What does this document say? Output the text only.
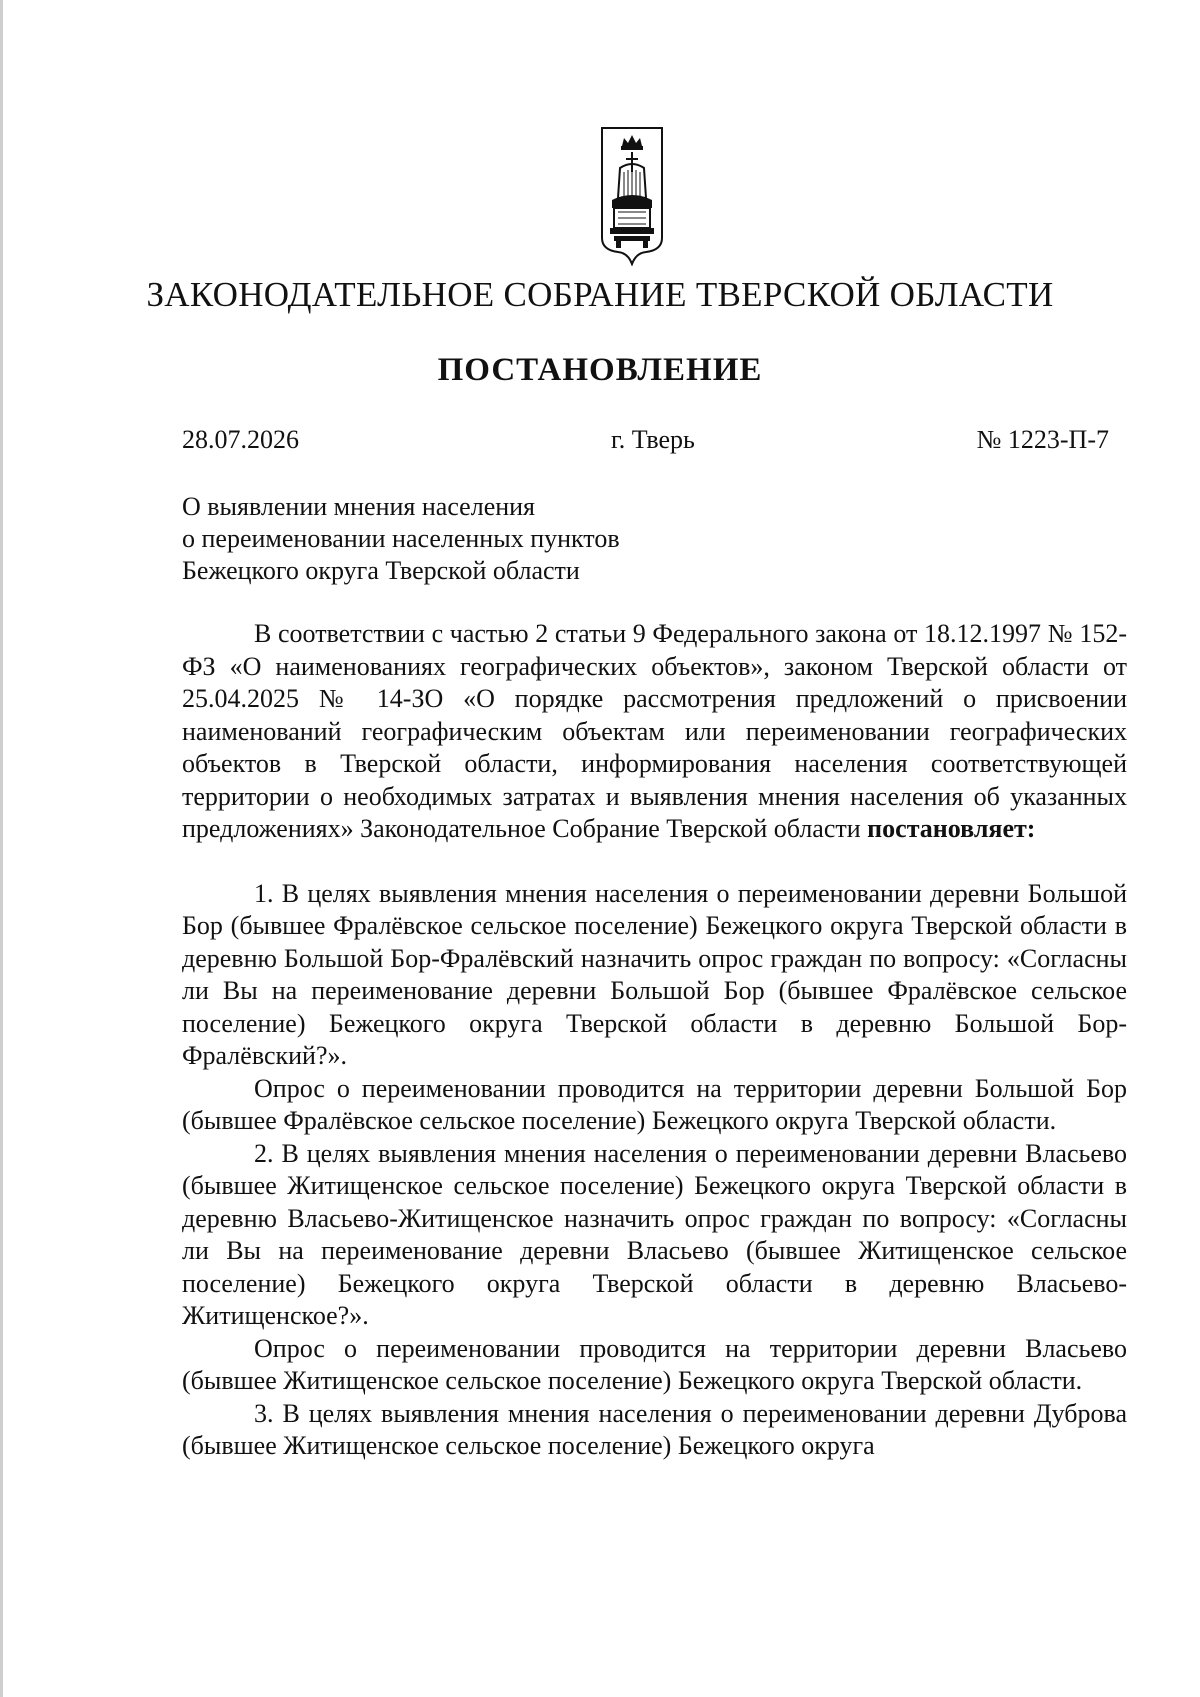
ЗАКОНОДАТЕЛЬНОЕ СОБРАНИЕ ТВЕРСКОЙ ОБЛАСТИ
ПОСТАНОВЛЕНИЕ
28.07.2026	г. Тверь	№ 1223-П-7
О выявлении мнения населения
о переименовании населенных пунктов
Бежецкого округа Тверской области

В соответствии с частью 2 статьи 9 Федерального закона от 18.12.1997 № 152-ФЗ «О наименованиях географических объектов», законом Тверской области от 25.04.2025 № 14-ЗО «О порядке рассмотрения предложений о присвоении наименований географическим объектам или переименовании географических объектов в Тверской области, информирования населения соответствующей территории о необходимых затратах и выявления мнения населения об указанных предложениях» Законодательное Собрание Тверской области постановляет:

1. В целях выявления мнения населения о переименовании деревни Большой Бор (бывшее Фралёвское сельское поселение) Бежецкого округа Тверской области в деревню Большой Бор-Фралёвский назначить опрос граждан по вопросу: «Согласны ли Вы на переименование деревни Большой Бор (бывшее Фралёвское сельское поселение) Бежецкого округа Тверской области в деревню Большой Бор-Фралёвский?».

Опрос о переименовании проводится на территории деревни Большой Бор (бывшее Фралёвское сельское поселение) Бежецкого округа Тверской области.

2. В целях выявления мнения населения о переименовании деревни Власьево (бывшее Житищенское сельское поселение) Бежецкого округа Тверской области в деревню Власьево-Житищенское назначить опрос граждан по вопросу: «Согласны ли Вы на переименование деревни Власьево (бывшее Житищенское сельское поселение) Бежецкого округа Тверской области в деревню Власьево-Житищенское?».

Опрос о переименовании проводится на территории деревни Власьево (бывшее Житищенское сельское поселение) Бежецкого округа Тверской области.

3. В целях выявления мнения населения о переименовании деревни Дуброва (бывшее Житищенское сельское поселение) Бежецкого округа
